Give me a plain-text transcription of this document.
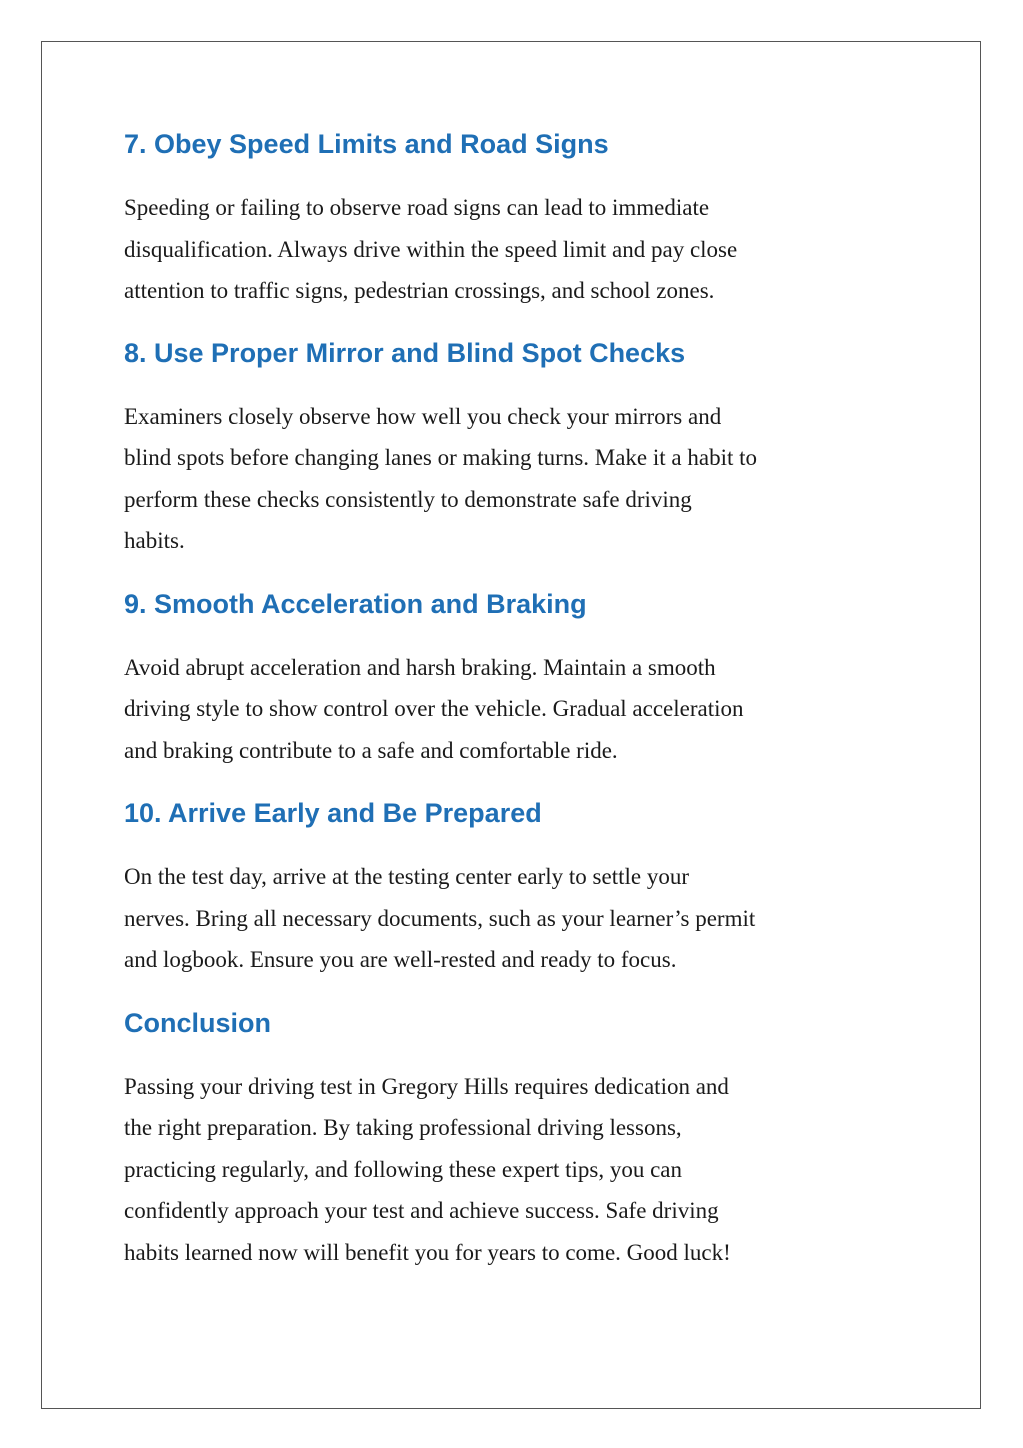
7. Obey Speed Limits and Road Signs

Speeding or failing to observe road signs can lead to immediate
disqualification. Always drive within the speed limit and pay close
attention to traffic signs, pedestrian crossings, and school zones.

8. Use Proper Mirror and Blind Spot Checks

Examiners closely observe how well you check your mirrors and
blind spots before changing lanes or making turns. Make it a habit to
perform these checks consistently to demonstrate safe driving
habits.

9. Smooth Acceleration and Braking

Avoid abrupt acceleration and harsh braking. Maintain a smooth
driving style to show control over the vehicle. Gradual acceleration
and braking contribute to a safe and comfortable ride.

10. Arrive Early and Be Prepared

On the test day, arrive at the testing center early to settle your
nerves. Bring all necessary documents, such as your learner’s permit
and logbook. Ensure you are well-rested and ready to focus.

Conclusion

Passing your driving test in Gregory Hills requires dedication and
the right preparation. By taking professional driving lessons,
practicing regularly, and following these expert tips, you can
confidently approach your test and achieve success. Safe driving
habits learned now will benefit you for years to come. Good luck!
